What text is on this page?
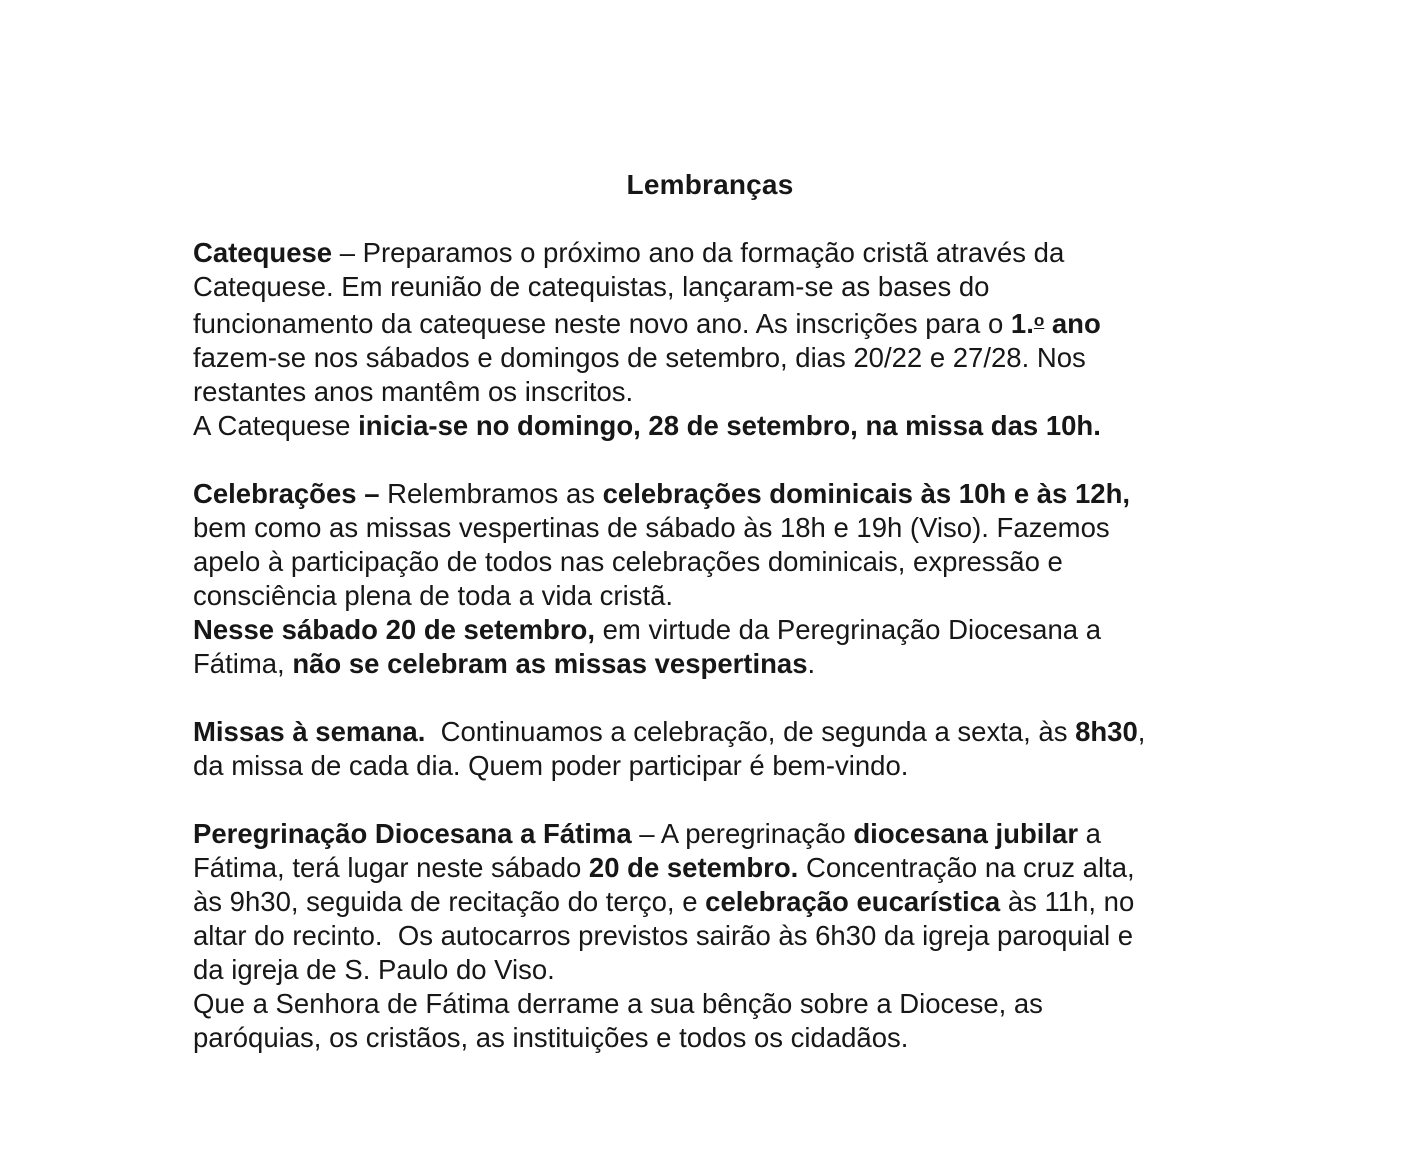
Lembranças
Catequese – Preparamos o próximo ano da formação cristã através da
Catequese. Em reunião de catequistas, lançaram-se as bases do
funcionamento da catequese neste novo ano. As inscrições para o 1.$^o$ ano
fazem-se nos sábados e domingos de setembro, dias 20/22 e 27/28. Nos
restantes anos mantêm os inscritos.
A Catequese inicia-se no domingo, 28 de setembro, na missa das 10h.
Celebrações – Relembramos as celebrações dominicais às 10h e às 12h,
bem como as missas vespertinas de sábado às 18h e 19h (Viso). Fazemos
apelo à participação de todos nas celebrações dominicais, expressão e
consciência plena de toda a vida cristã.
Nesse sábado 20 de setembro, em virtude da Peregrinação Diocesana a
Fátima, não se celebram as missas vespertinas.
Missas à semana.  Continuamos a celebração, de segunda a sexta, às 8h30,
da missa de cada dia. Quem poder participar é bem-vindo.
Peregrinação Diocesana a Fátima – A peregrinação diocesana jubilar a
Fátima, terá lugar neste sábado 20 de setembro. Concentração na cruz alta,
às 9h30, seguida de recitação do terço, e celebração eucarística às 11h, no
altar do recinto.  Os autocarros previstos sairão às 6h30 da igreja paroquial e
da igreja de S. Paulo do Viso.
Que a Senhora de Fátima derrame a sua bênção sobre a Diocese, as
paróquias, os cristãos, as instituições e todos os cidadãos.
